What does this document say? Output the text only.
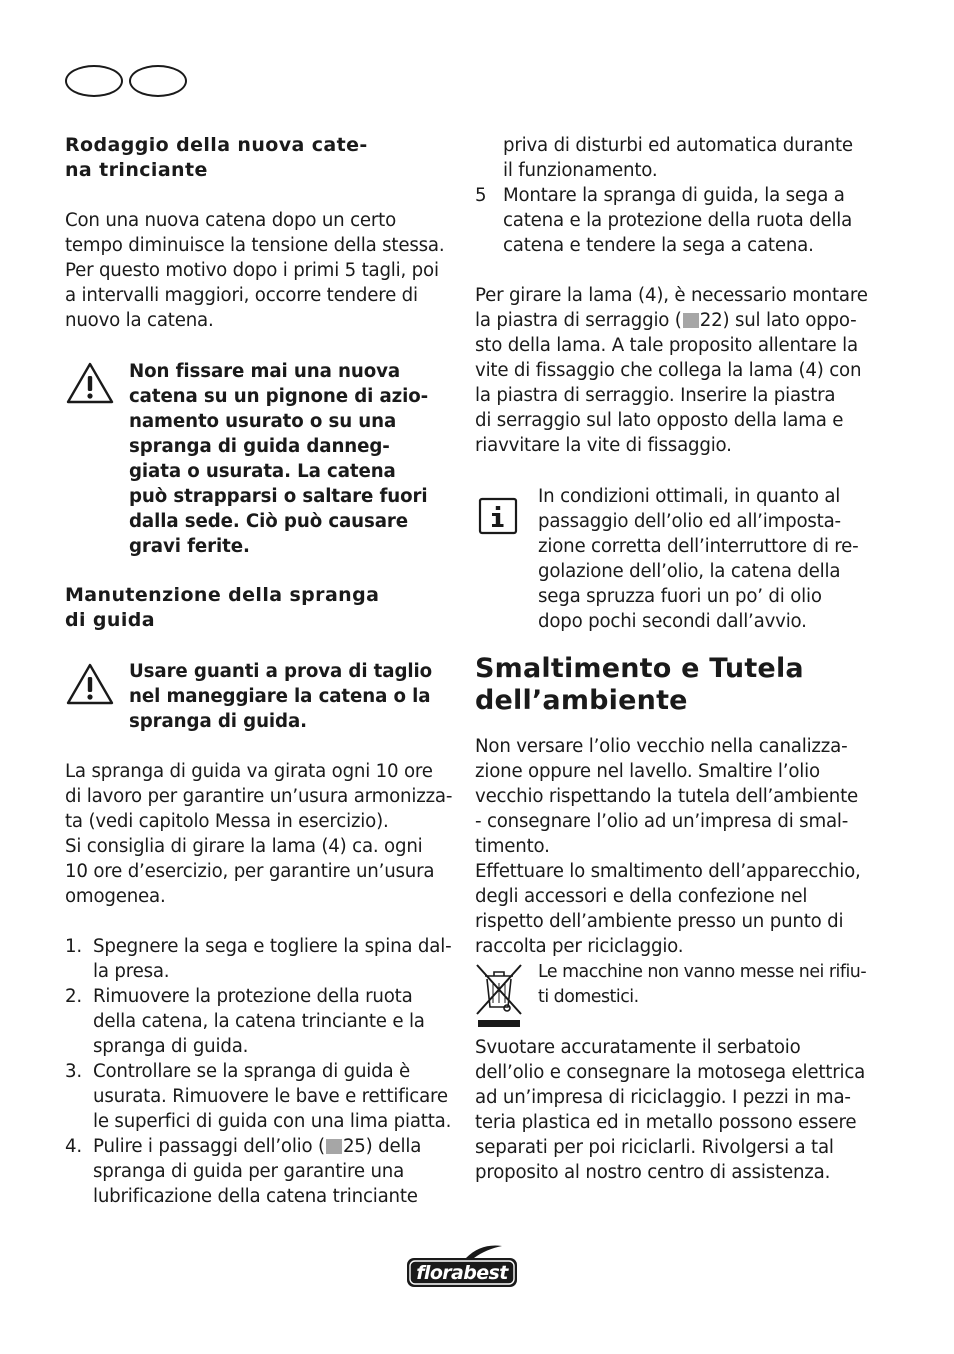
Rodaggio della nuova cate-
na trinciante
Con una nuova catena dopo un certo
tempo diminuisce la tensione della stessa.
Per questo motivo dopo i primi 5 tagli, poi
a intervalli maggiori, occorre tendere di
nuovo la catena.
Non fissare mai una nuova
catena su un pignone di azio-
namento usurato o su una
spranga di guida danneg-
giata o usurata. La catena
può strapparsi o saltare fuori
dalla sede. Ciò può causare
gravi ferite.
Manutenzione della spranga
di guida
Usare guanti a prova di taglio
nel maneggiare la catena o la
spranga di guida.
La spranga di guida va girata ogni 10 ore
di lavoro per garantire un’usura armonizza-
ta (vedi capitolo Messa in esercizio).
Si consiglia di girare la lama (4) ca. ogni
10 ore d’esercizio, per garantire un’usura
omogenea.
1. Spegnere la sega e togliere la spina dal-
la presa.
2. Rimuovere la protezione della ruota
della catena, la catena trinciante e la
spranga di guida.
3. Controllare se la spranga di guida è
usurata. Rimuovere le bave e rettificare
le superfici di guida con una lima piatta.
4. Pulire i passaggi dell’olio ( 25) della
spranga di guida per garantire una
lubrificazione della catena trinciante
priva di disturbi ed automatica durante
il funzionamento.
5 Montare la spranga di guida, la sega a
catena e la protezione della ruota della
catena e tendere la sega a catena.
Per girare la lama (4), è necessario montare
la piastra di serraggio ( 22) sul lato oppo-
sto della lama. A tale proposito allentare la
vite di fissaggio che collega la lama (4) con
la piastra di serraggio. Inserire la piastra
di serraggio sul lato opposto della lama e
riavvitare la vite di fissaggio.
In condizioni ottimali, in quanto al
passaggio dell’olio ed all’imposta-
zione corretta dell’interruttore di re-
golazione dell’olio, la catena della
sega spruzza fuori un po’ di olio
dopo pochi secondi dall’avvio.
Smaltimento e Tutela
dell’ambiente
Non versare l’olio vecchio nella canalizza-
zione oppure nel lavello. Smaltire l’olio
vecchio rispettando la tutela dell’ambiente
- consegnare l’olio ad un’impresa di smal-
timento.
Effettuare lo smaltimento dell’apparecchio,
degli accessori e della confezione nel
rispetto dell’ambiente presso un punto di
raccolta per riciclaggio.
Le macchine non vanno messe nei rifiu-
ti domestici.
Svuotare accuratamente il serbatoio
dell’olio e consegnare la motosega elettrica
ad un’impresa di riciclaggio. I pezzi in ma-
teria plastica ed in metallo possono essere
separati per poi riciclarli. Rivolgersi a tal
proposito al nostro centro di assistenza.
florabest
